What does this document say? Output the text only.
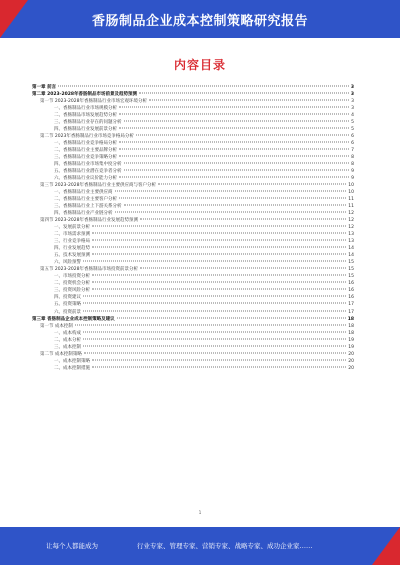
香肠制品企业成本控制策略研究报告
内容目录
第一章 前言	3
第二章 2023-2028年香肠制品市场前景及趋势预测	3
第一节 2023-2028年香肠制品行业市场宏观环境分析	3
一、香肠制品行业市场规模分析	3
二、香肠制品市场发展趋势分析	4
三、香肠制品行业存在的问题分析	5
四、香肠制品行业发展前景分析	5
第二节 2023年香肠制品行业市场竞争格局分析	6
一、香肠制品行业竞争格局分析	6
二、香肠制品行业主要品牌分析	7
三、香肠制品行业竞争策略分析	8
四、香肠制品行业市场集中度分析	8
五、香肠制品行业潜在竞争者分析	9
六、香肠制品行业议价能力分析	9
第三节 2023-2028年香肠制品行业主要供应商与客户分析	10
一、香肠制品行业主要供应商	10
二、香肠制品行业主要客户分析	11
三、香肠制品行业上下游关系分析	11
四、香肠制品行业产业链分析	12
第四节 2023-2028年香肠制品行业发展趋势预测	12
一、发展前景分析	12
二、市场需求预测	13
三、行业竞争格局	13
四、行业发展趋势	14
五、技术发展预测	14
六、风险预警	15
第五节 2023-2028年香肠制品市场投资前景分析	15
一、市场投资分析	15
二、投资机会分析	16
三、投资风险分析	16
四、投资建议	16
五、投资策略	17
六、投资前景	17
第三章 香肠制品企业成本控制策略及建议	18
第一节 成本控制	18
一、成本构成	18
二、成本分析	19
三、成本控制	19
第二节 成本控制策略	20
一、成本控制策略	20
二、成本控制措施	20
1
让每个人都能成为	行业专家、管理专家、营销专家、战略专家、成功企业家……
